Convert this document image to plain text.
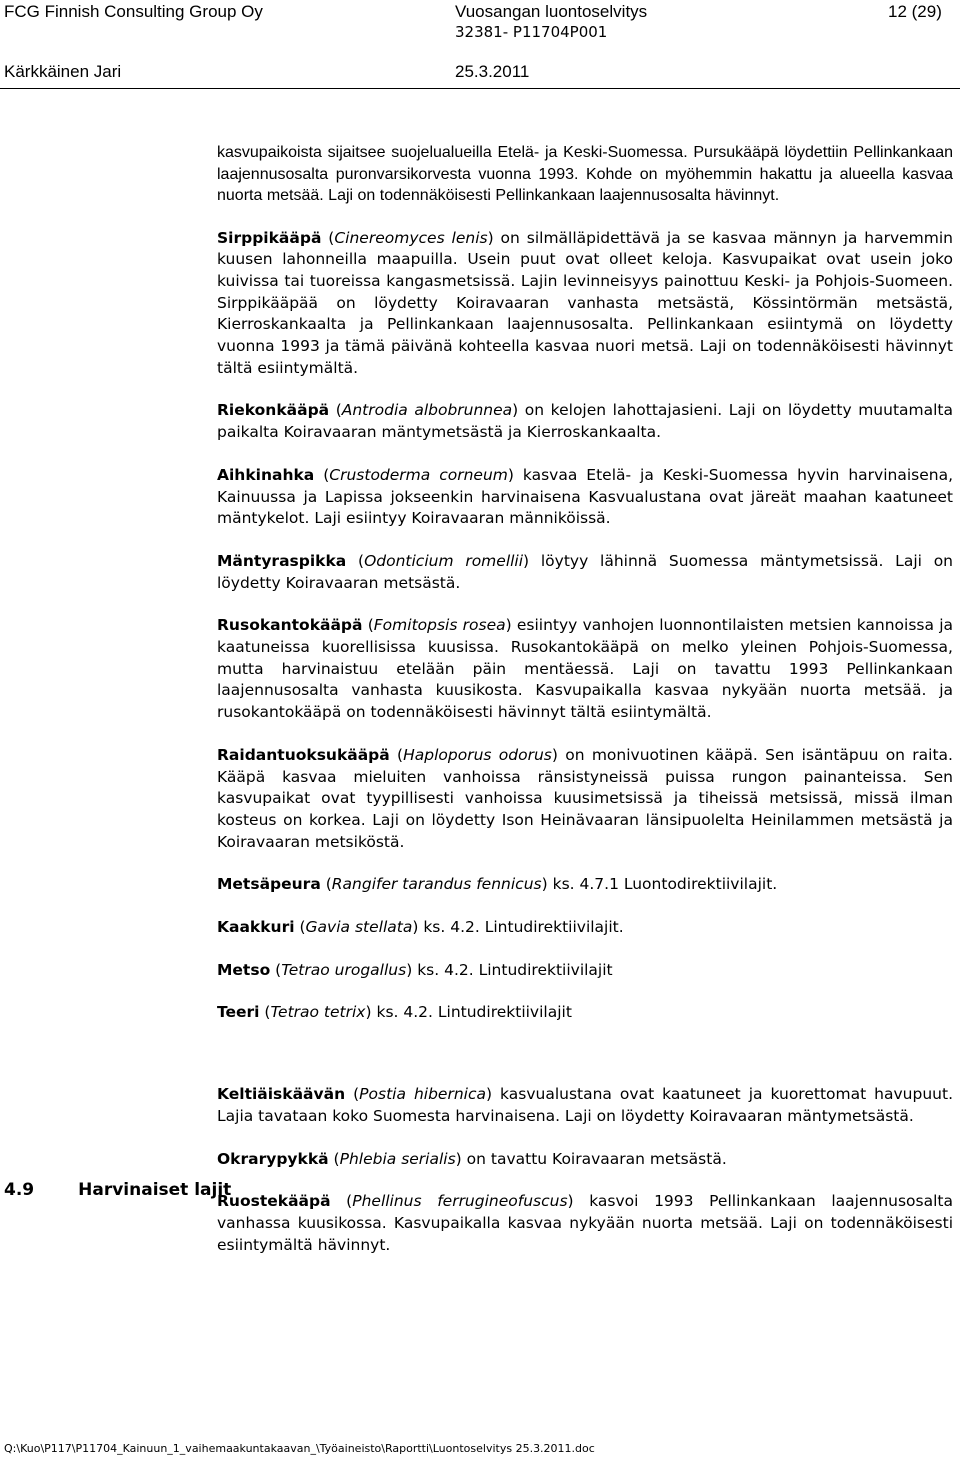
FCG Finnish Consulting Group Oy	Vuosangan luontoselvitys
32381- P11704P001
12 (29)
Kärkkäinen Jari	25.3.2011

kasvupaikoista sijaitsee suojelualueilla Etelä- ja Keski-Suomessa. Pursukääpä löydettiin Pellinkankaan laajennusosalta puronvarsikorvesta vuonna 1993. Kohde on myöhemmin hakattu ja alueella kasvaa nuorta metsää. Laji on todennäköisesti Pellinkankaan laajennusosalta hävinnyt.

Sirppikääpä (Cinereomyces lenis) on silmälläpidettävä ja se kasvaa männyn ja harvemmin kuusen lahonneilla maapuilla. Usein puut ovat olleet keloja. Kasvupaikat ovat usein joko kuivissa tai tuoreissa kangasmetsissä. Lajin levinneisyys painottuu Keski- ja Pohjois-Suomeen. Sirppikääpää on löydetty Koiravaaran vanhasta metsästä, Kössintörmän metsästä, Kierroskankaalta ja Pellinkankaan laajennusosalta. Pellinkankaan esiintymä on löydetty vuonna 1993 ja tämä päivänä kohteella kasvaa nuori metsä. Laji on todennäköisesti hävinnyt tältä esiintymältä.

Riekonkääpä (Antrodia albobrunnea) on kelojen lahottajasieni. Laji on löydetty muutamalta paikalta Koiravaaran mäntymetsästä ja Kierroskankaalta.

Aihkinahka (Crustoderma corneum) kasvaa Etelä- ja Keski-Suomessa hyvin harvinaisena, Kainuussa ja Lapissa jokseenkin harvinaisena Kasvualustana ovat järeät maahan kaatuneet mäntykelot. Laji esiintyy Koiravaaran männiköissä.

Mäntyraspikka (Odonticium romellii) löytyy lähinnä Suomessa mäntymetsissä. Laji on löydetty Koiravaaran metsästä.

Rusokantokääpä (Fomitopsis rosea) esiintyy vanhojen luonnontilaisten metsien kannoissa ja kaatuneissa kuorellisissa kuusissa. Rusokantokääpä on melko yleinen Pohjois-Suomessa, mutta harvinaistuu etelään päin mentäessä. Laji on tavattu 1993 Pellinkankaan laajennusosalta vanhasta kuusikosta. Kasvupaikalla kasvaa nykyään nuorta metsää. ja rusokantokääpä on todennäköisesti hävinnyt tältä esiintymältä.

Raidantuoksukääpä (Haploporus odorus) on monivuotinen kääpä. Sen isäntäpuu on raita. Kääpä kasvaa mieluiten vanhoissa ränsistyneissä puissa rungon painanteissa. Sen kasvupaikat ovat tyypillisesti vanhoissa kuusimetsissä ja tiheissä metsissä, missä ilman kosteus on korkea. Laji on löydetty Ison Heinävaaran länsipuolelta Heinilammen metsästä ja Koiravaaran metsiköstä.

Metsäpeura (Rangifer tarandus fennicus) ks. 4.7.1 Luontodirektiivilajit.

Kaakkuri (Gavia stellata) ks. 4.2. Lintudirektiivilajit.

Metso (Tetrao urogallus) ks. 4.2. Lintudirektiivilajit

Teeri (Tetrao tetrix) ks. 4.2. Lintudirektiivilajit

Keltiäiskäävän (Postia hibernica) kasvualustana ovat kaatuneet ja kuorettomat havupuut. Lajia tavataan koko Suomesta harvinaisena. Laji on löydetty Koiravaaran mäntymetsästä.

Okrarypykkä (Phlebia serialis) on tavattu Koiravaaran metsästä.

Ruostekääpä (Phellinus ferrugineofuscus) kasvoi 1993 Pellinkankaan laajennusosalta vanhassa kuusikossa. Kasvupaikalla kasvaa nykyään nuorta metsää. Laji on todennäköisesti esiintymältä hävinnyt.

4.9	Harvinaiset lajit
Q:\Kuo\P117\P11704_Kainuun_1_vaihemaakuntakaavan_\Työaineisto\Raportti\Luontoselvitys 25.3.2011.doc
